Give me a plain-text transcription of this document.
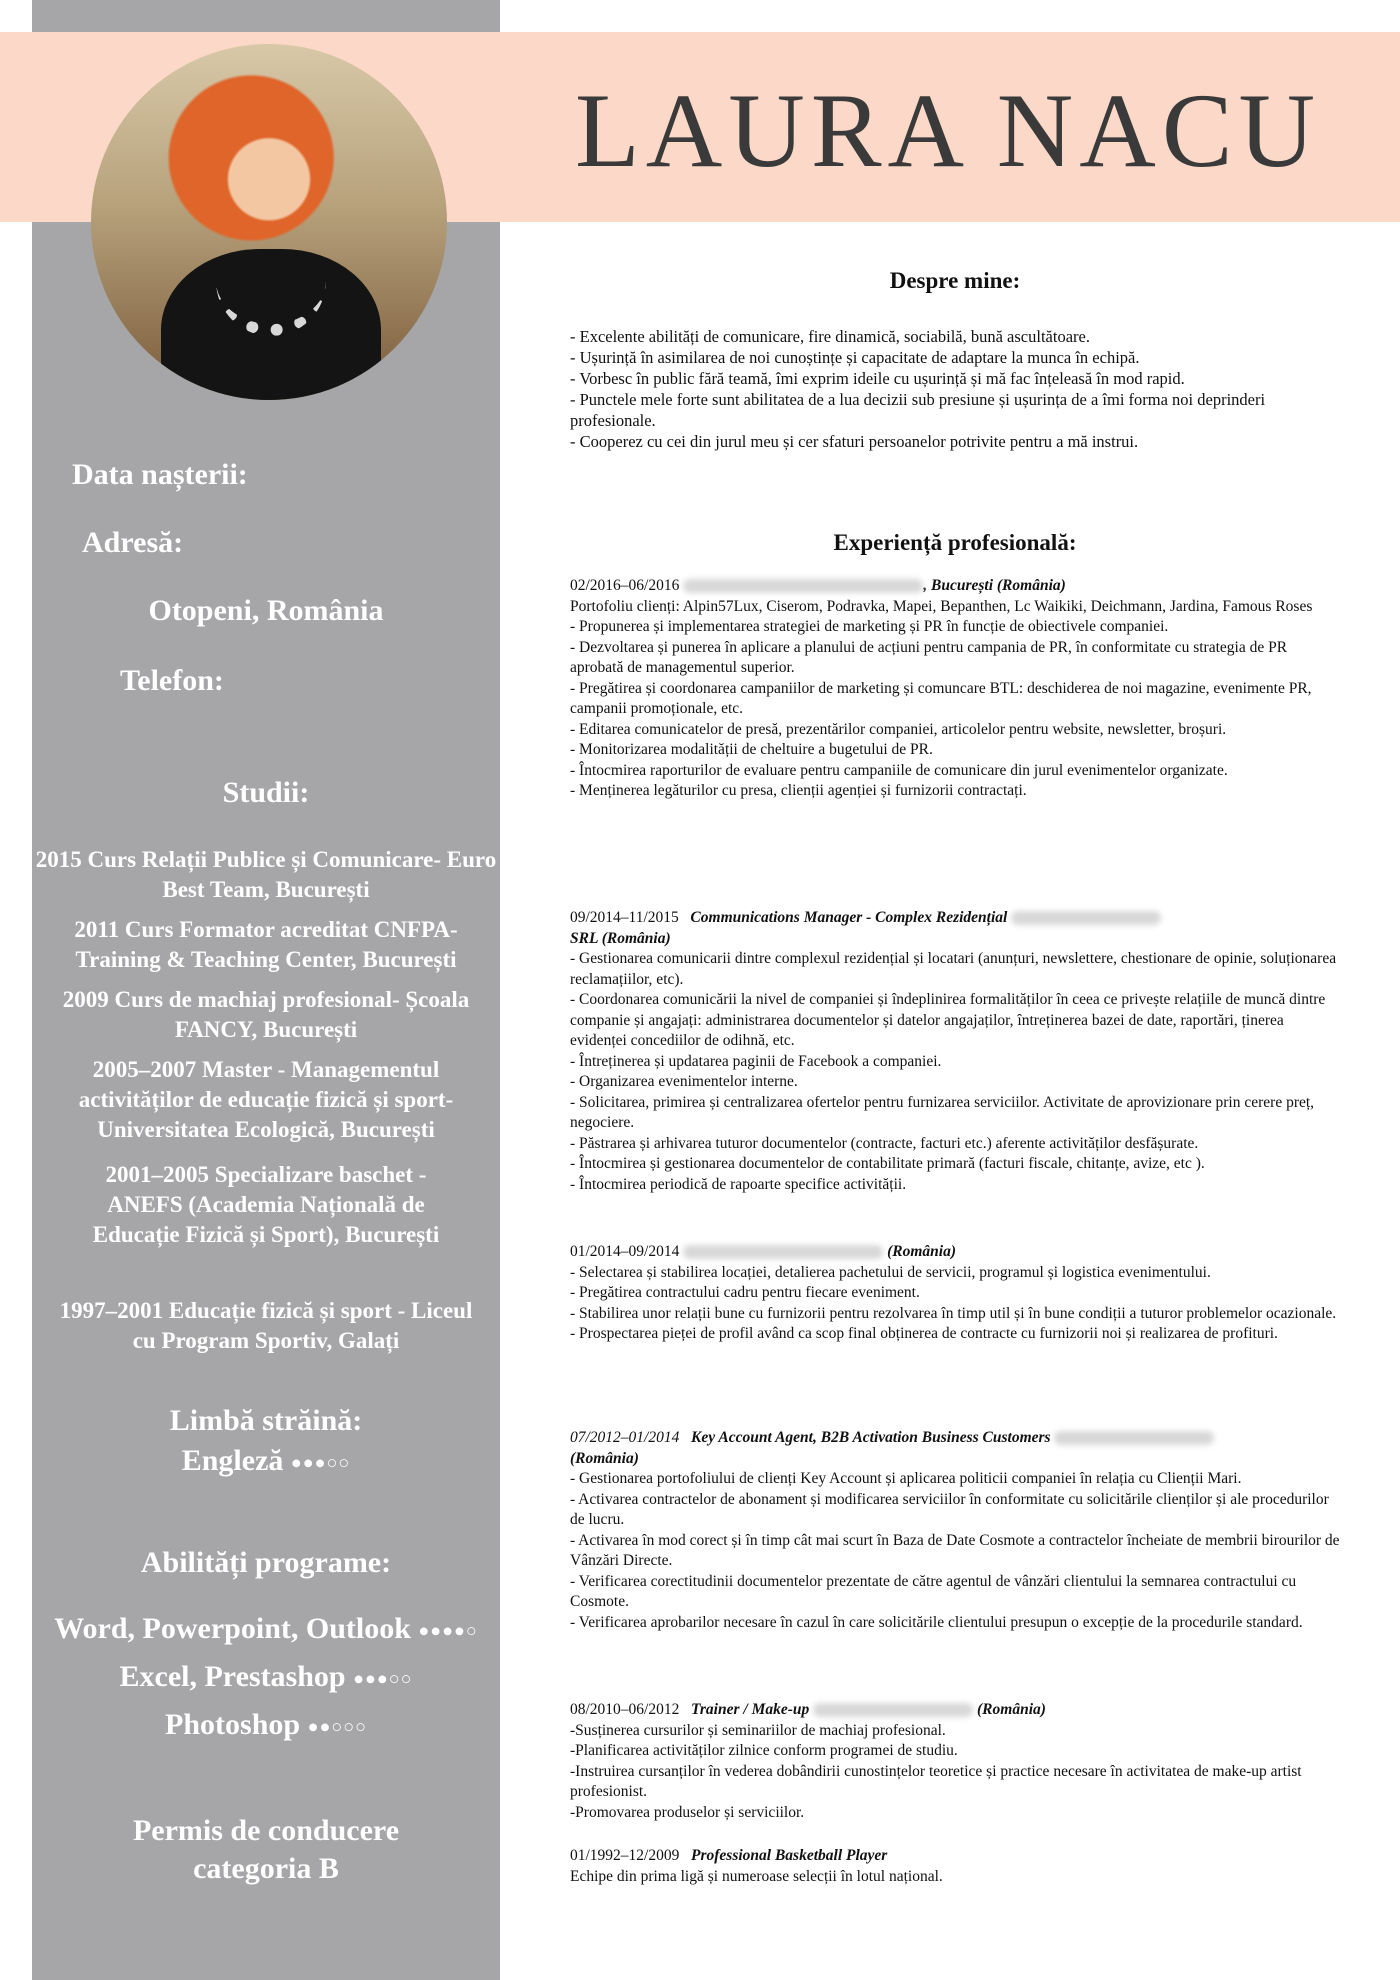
LAURA NACU
Data nașterii:
Adresă:
Otopeni, România
Telefon:
Studii:
2015 Curs Relații Publice și Comunicare- Euro Best Team, București
2011 Curs Formator acreditat CNFPA- Training & Teaching Center, București
2009 Curs de machiaj profesional- Școala FANCY, București
2005–2007 Master - Managementul activităților de educație fizică și sport- Universitatea Ecologică, București
2001–2005 Specializare baschet - ANEFS (Academia Națională de Educație Fizică și Sport), București
1997–2001 Educație fizică și sport - Liceul cu Program Sportiv, Galați
Limbă străină:
Engleză ●●●○○
Abilități programe:
Word, Powerpoint, Outlook ●●●●○
Excel, Prestashop ●●●○○
Photoshop ●●○○○
Permis de conducere
categoria B
Despre mine:

- Excelente abilități de comunicare, fire dinamică, sociabilă, bună ascultătoare.

- Ușurință în asimilarea de noi cunoștințe și capacitate de adaptare la munca în echipă.

- Vorbesc în public fără teamă, îmi exprim ideile cu ușurință și mă fac înțeleasă în mod rapid.

- Punctele mele forte sunt abilitatea de a lua decizii sub presiune și ușurința de a îmi forma noi deprinderi profesionale.

- Cooperez cu cei din jurul meu și cer sfaturi persoanelor potrivite pentru a mă instrui.

Experiență profesională:

02/2016–06/2016	, București (România)

Portofoliu clienți: Alpin57Lux, Ciserom, Podravka, Mapei, Bepanthen, Lc Waikiki, Deichmann, Jardina, Famous Roses

- Propunerea și implementarea strategiei de marketing și PR în funcție de obiectivele companiei.

- Dezvoltarea și punerea în aplicare a planului de acțiuni pentru campania de PR, în conformitate cu strategia de PR

aprobată de managementul superior.

- Pregătirea și coordonarea campaniilor de marketing și comuncare BTL: deschiderea de noi magazine, evenimente PR, campanii promoționale, etc.

- Editarea comunicatelor de presă, prezentărilor companiei, articolelor pentru website, newsletter, broșuri.

- Monitorizarea modalității de cheltuire a bugetului de PR.

- Întocmirea raporturilor de evaluare pentru campaniile de comunicare din jurul evenimentelor organizate.

- Menținerea legăturilor cu presa, clienții agenției și furnizorii contractați.

09/2014–11/2015 Communications Manager - Complex Rezidențial

SRL (România)

- Gestionarea comunicarii dintre complexul rezidențial și locatari (anunțuri, newslettere, chestionare de opinie, soluționarea reclamațiilor, etc).

- Coordonarea comunicării la nivel de companiei și îndeplinirea formalităților în ceea ce privește relațiile de muncă dintre companie și angajați: administrarea documentelor și datelor angajaților, întreținerea bazei de date, raportări, ținerea evidenței concediilor de odihnă, etc.

- Întreținerea și updatarea paginii de Facebook a companiei.

- Organizarea evenimentelor interne.

- Solicitarea, primirea și centralizarea ofertelor pentru furnizarea serviciilor. Activitate de aprovizionare prin cerere preț, negociere.

- Păstrarea și arhivarea tuturor documentelor (contracte, facturi etc.) aferente activităților desfășurate.

- Întocmirea și gestionarea documentelor de contabilitate primară (facturi fiscale, chitanțe, avize, etc ).

- Întocmirea periodică de rapoarte specifice activității.

01/2014–09/2014	(România)

- Selectarea și stabilirea locației, detalierea pachetului de servicii, programul și logistica evenimentului.

- Pregătirea contractului cadru pentru fiecare eveniment.

- Stabilirea unor relații bune cu furnizorii pentru rezolvarea în timp util și în bune condiții a tuturor problemelor ocazionale.

- Prospectarea pieței de profil având ca scop final obținerea de contracte cu furnizorii noi și realizarea de profituri.

07/2012–01/2014 Key Account Agent, B2B Activation Business Customers

(România)

- Gestionarea portofoliului de clienți Key Account și aplicarea politicii companiei în relația cu Clienții Mari.

- Activarea contractelor de abonament și modificarea serviciilor în conformitate cu solicitările clienților și ale procedurilor de lucru.

- Activarea în mod corect și în timp cât mai scurt în Baza de Date Cosmote a contractelor încheiate de membrii birourilor de Vânzări Directe.

- Verificarea corectitudinii documentelor prezentate de către agentul de vânzări clientului la semnarea contractului cu Cosmote.

- Verificarea aprobarilor necesare în cazul în care solicitările clientului presupun o excepție de la procedurile standard.

08/2010–06/2012 Trainer / Make-up	(România)

-Susținerea cursurilor și seminariilor de machiaj profesional.

-Planificarea activităților zilnice conform programei de studiu.

-Instruirea cursanților în vederea dobândirii cunostințelor teoretice și practice necesare în activitatea de make-up artist profesionist.

-Promovarea produselor și serviciilor.

01/1992–12/2009 Professional Basketball Player

Echipe din prima ligă și numeroase selecții în lotul național.
